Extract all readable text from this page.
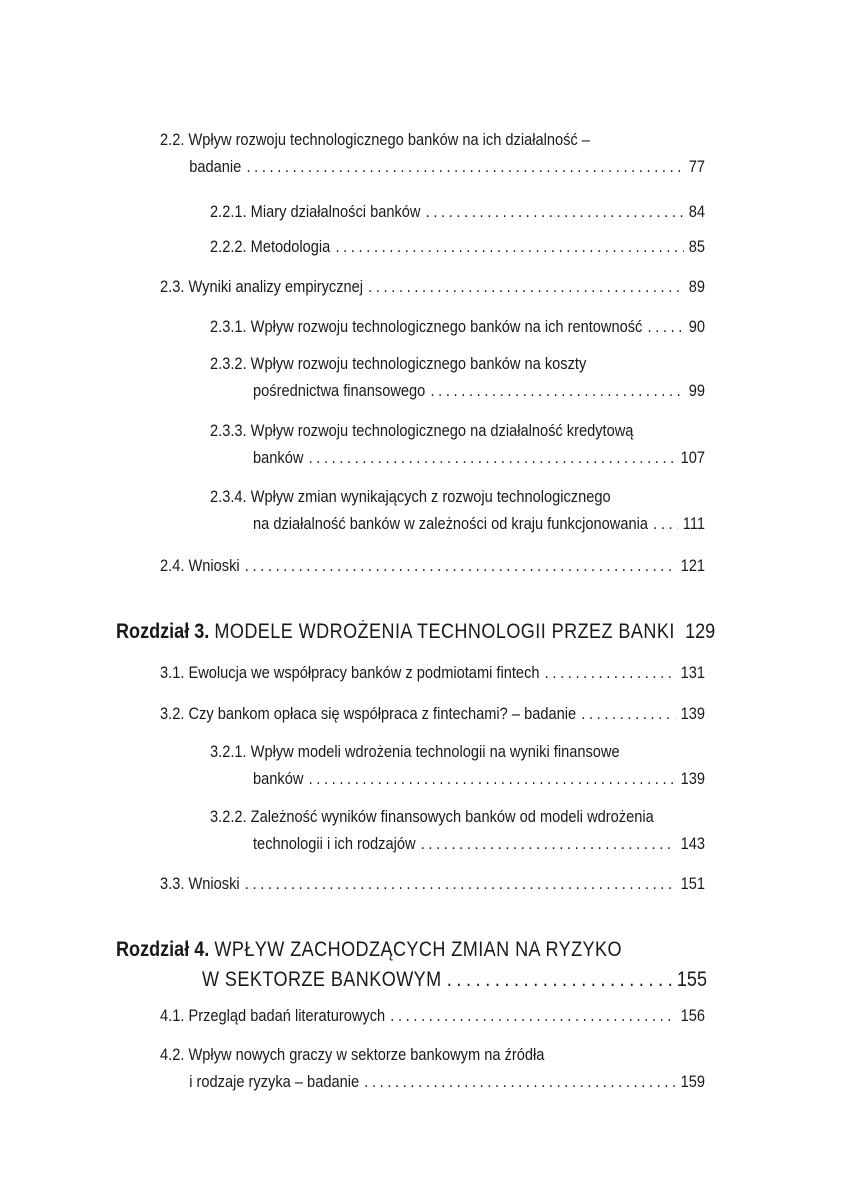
2.2.
Wpływ rozwoju technologicznego banków na ich działalność –
badanie . . .	77
2.2.1.
Miary działalności banków . . .	84
2.2.2.
Metodologia . . .	85
2.3.
Wyniki analizy empirycznej . . .	89
2.3.1.
Wpływ rozwoju technologicznego banków na ich rentowność . . .	90
2.3.2.
Wpływ rozwoju technologicznego banków na koszty
pośrednictwa finansowego . . .	99
2.3.3.
Wpływ rozwoju technologicznego na działalność kredytową
banków . . .	107
2.3.4.
Wpływ zmian wynikających z rozwoju technologicznego
na działalność banków w zależności od kraju funkcjonowania . . . 111
2.4.
Wnioski . . .	121
Rozdział 3.
MODELE WDROŻENIA TECHNOLOGII PRZEZ BANKI 129
3.1.
Ewolucja we współpracy banków z podmiotami fintech . . .	131
3.2.
Czy bankom opłaca się współpraca z fintechami? – badanie . . .	139
3.2.1.
Wpływ modeli wdrożenia technologii na wyniki finansowe
banków . . .	139
3.2.2.
Zależność wyników finansowych banków od modeli wdrożenia
technologii i ich rodzajów . . .	143
3.3.
Wnioski . . .	151
Rozdział 4.
WPŁYW ZACHODZĄCYCH ZMIAN NA RYZYKO
W SEKTORZE BANKOWYM . . .	155
4.1.
Przegląd badań literaturowych . . .	156
4.2.
Wpływ nowych graczy w sektorze bankowym na źródła
i rodzaje ryzyka – badanie . . .	159
